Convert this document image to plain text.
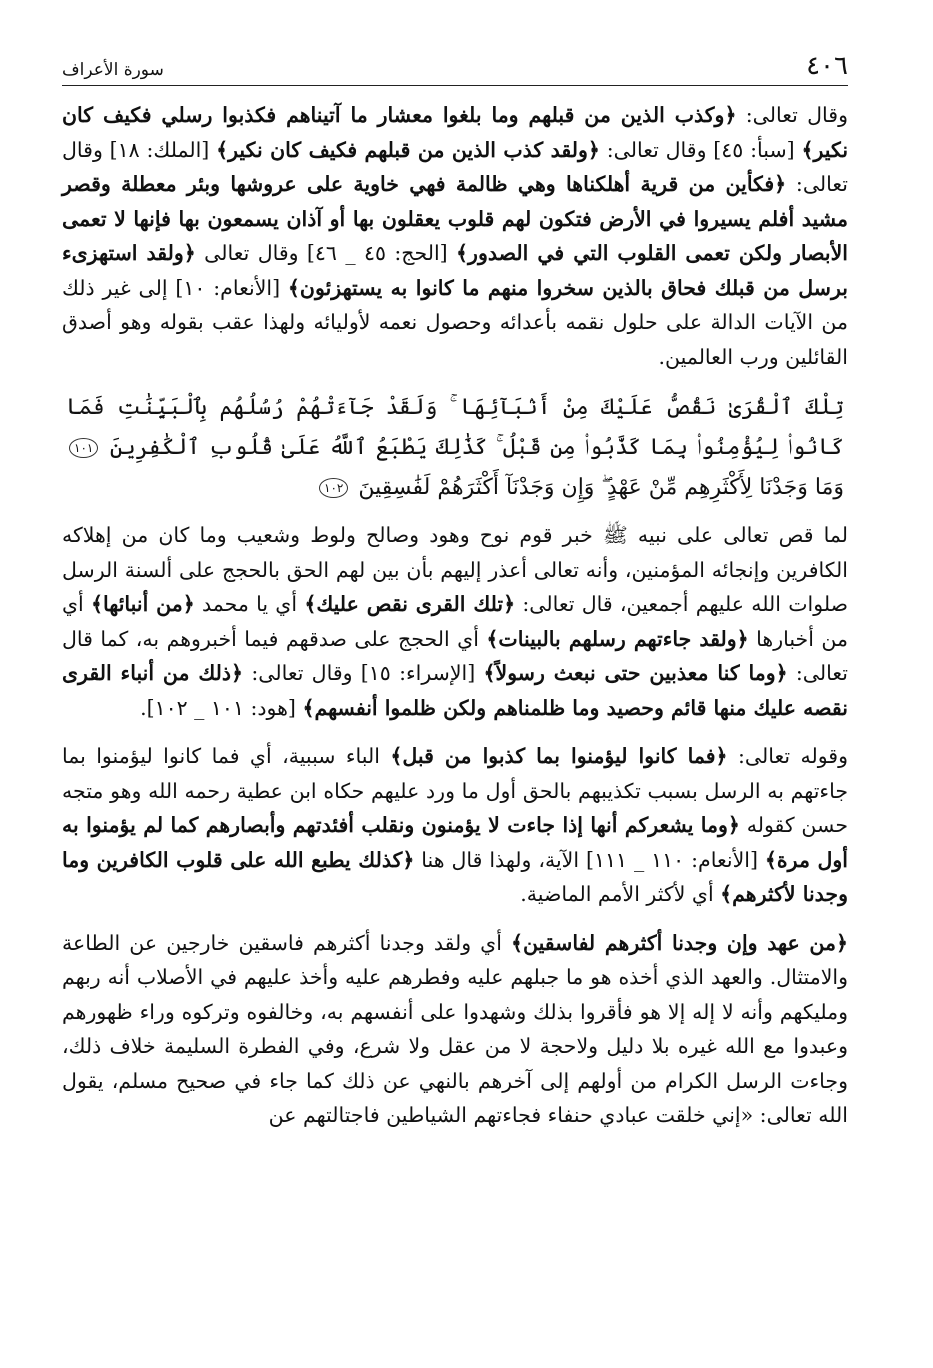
٤٠٦
سورة الأعراف

وقال تعالى: ﴿وكذب الذين من قبلهم وما بلغوا معشار ما آتيناهم فكذبوا رسلي فكيف كان نكير﴾ [سبأ: ٤٥] وقال تعالى: ﴿ولقد كذب الذين من قبلهم فكيف كان نكير﴾ [الملك: ١٨] وقال تعالى: ﴿فكأين من قرية أهلكناها وهي ظالمة فهي خاوية على عروشها وبئر معطلة وقصر مشيد أفلم يسيروا في الأرض فتكون لهم قلوب يعقلون بها أو آذان يسمعون بها فإنها لا تعمى الأبصار ولكن تعمى القلوب التي في الصدور﴾ [الحج: ٤٥ _ ٤٦] وقال تعالى ﴿ولقد استهزىء برسل من قبلك فحاق بالذين سخروا منهم ما كانوا به يستهزئون﴾ [الأنعام: ١٠] إلى غير ذلك من الآيات الدالة على حلول نقمه بأعدائه وحصول نعمه لأوليائه ولهذا عقب بقوله وهو أصدق القائلين ورب العالمين.

تِلْكَ ٱلْقُرَىٰ نَقُصُّ عَلَيْكَ مِنْ أَنۢبَآئِهَا ۚ وَلَقَدْ جَآءَتْهُمْ رُسُلُهُم بِٱلْبَيِّنَٰتِ فَمَا كَانُوا۟ لِيُؤْمِنُوا۟ بِمَا كَذَّبُوا۟ مِن قَبْلُ ۚ كَذَٰلِكَ يَطْبَعُ ٱللَّهُ عَلَىٰ قُلُوبِ ٱلْكَٰفِرِينَ ١٠١ وَمَا وَجَدْنَا لِأَكْثَرِهِم مِّنْ عَهْدٍ ۖ وَإِن وَجَدْنَآ أَكْثَرَهُمْ لَفَٰسِقِينَ ١٠٢

لما قص تعالى على نبيه ﷺ خبر قوم نوح وهود وصالح ولوط وشعيب وما كان من إهلاكه الكافرين وإنجائه المؤمنين، وأنه تعالى أعذر إليهم بأن بين لهم الحق بالحجج على ألسنة الرسل صلوات الله عليهم أجمعين، قال تعالى: ﴿تلك القرى نقص عليك﴾ أي يا محمد ﴿من أنبائها﴾ أي من أخبارها ﴿ولقد جاءتهم رسلهم بالبينات﴾ أي الحجج على صدقهم فيما أخبروهم به، كما قال تعالى: ﴿وما كنا معذبين حتى نبعث رسولاً﴾ [الإسراء: ١٥] وقال تعالى: ﴿ذلك من أنباء القرى نقصه عليك منها قائم وحصيد وما ظلمناهم ولكن ظلموا أنفسهم﴾ [هود: ١٠١ _ ١٠٢].

وقوله تعالى: ﴿فما كانوا ليؤمنوا بما كذبوا من قبل﴾ الباء سببية، أي فما كانوا ليؤمنوا بما جاءتهم به الرسل بسبب تكذيبهم بالحق أول ما ورد عليهم حكاه ابن عطية رحمه الله وهو متجه حسن كقوله ﴿وما يشعركم أنها إذا جاءت لا يؤمنون ونقلب أفئدتهم وأبصارهم كما لم يؤمنوا به أول مرة﴾ [الأنعام: ١١٠ _ ١١١] الآية، ولهذا قال هنا ﴿كذلك يطبع الله على قلوب الكافرين وما وجدنا لأكثرهم﴾ أي لأكثر الأمم الماضية.

﴿من عهد وإن وجدنا أكثرهم لفاسقين﴾ أي ولقد وجدنا أكثرهم فاسقين خارجين عن الطاعة والامتثال. والعهد الذي أخذه هو ما جبلهم عليه وفطرهم عليه وأخذ عليهم في الأصلاب أنه ربهم ومليكهم وأنه لا إله إلا هو فأقروا بذلك وشهدوا على أنفسهم به، وخالفوه وتركوه وراء ظهورهم وعبدوا مع الله غيره بلا دليل ولاحجة لا من عقل ولا شرع، وفي الفطرة السليمة خلاف ذلك، وجاءت الرسل الكرام من أولهم إلى آخرهم بالنهي عن ذلك كما جاء في صحيح مسلم، يقول الله تعالى: «إني خلقت عبادي حنفاء فجاءتهم الشياطين فاجتالتهم عن
